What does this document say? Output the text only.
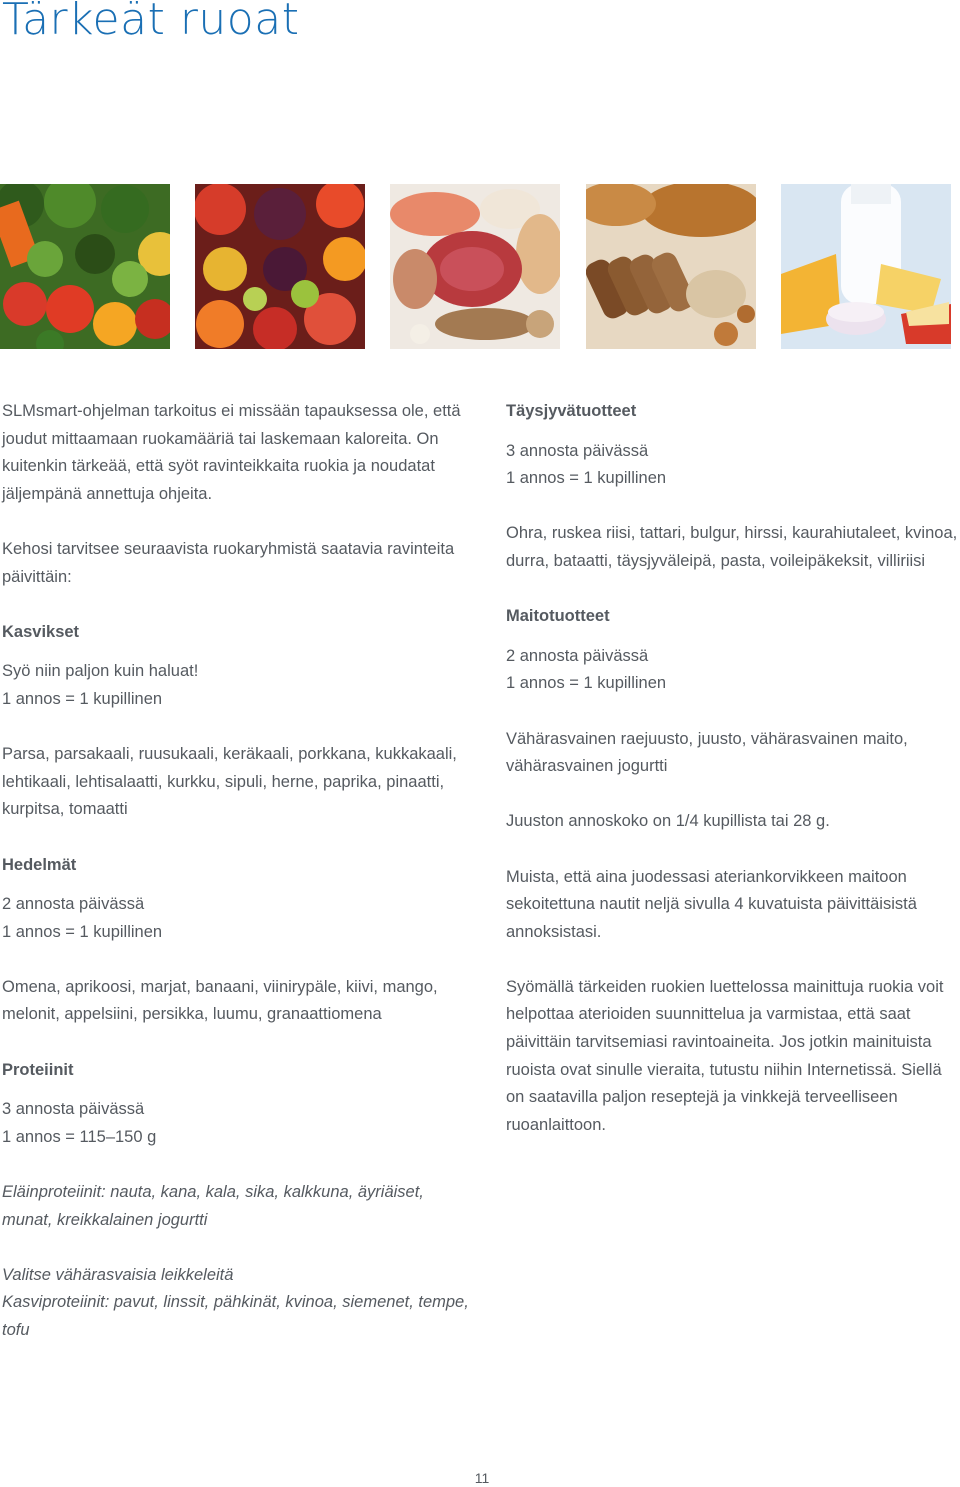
Tärkeät ruoat

SLMsmart-ohjelman tarkoitus ei missään tapauksessa ole, että joudut mittaamaan ruokamääriä tai laskemaan kaloreita. On kuitenkin tärkeää, että syöt ravinteikkaita ruokia ja noudatat jäljempänä annettuja ohjeita.

Kehosi tarvitsee seuraavista ruokaryhmistä saatavia ravinteita päivittäin:

Kasvikset

Syö niin paljon kuin haluat!
1 annos = 1 kupillinen

Parsa, parsakaali, ruusukaali, keräkaali, porkkana, kukkakaali, lehtikaali, lehtisalaatti, kurkku, sipuli, herne, paprika, pinaatti, kurpitsa, tomaatti

Hedelmät

2 annosta päivässä
1 annos = 1 kupillinen

Omena, aprikoosi, marjat, banaani, viinirypäle, kiivi, mango, melonit, appelsiini, persikka, luumu, granaattiomena

Proteiinit

3 annosta päivässä
1 annos = 115–150 g

Eläinproteiinit: nauta, kana, kala, sika, kalkkuna, äyriäiset, munat, kreikkalainen jogurtti

Valitse vähärasvaisia leikkeleitä
Kasviproteiinit: pavut, linssit, pähkinät, kvinoa, siemenet, tempe, tofu

Täysjyvätuotteet

3 annosta päivässä
1 annos = 1 kupillinen

Ohra, ruskea riisi, tattari, bulgur, hirssi, kaurahiutaleet, kvinoa, durra, bataatti, täysjyväleipä, pasta, voileipäkeksit, villiriisi

Maitotuotteet

2 annosta päivässä
1 annos = 1 kupillinen

Vähärasvainen raejuusto, juusto, vähärasvainen maito, vähärasvainen jogurtti

Juuston annoskoko on 1/4 kupillista tai 28 g.

Muista, että aina juodessasi ateriankorvikkeen maitoon sekoitettuna nautit neljä sivulla 4 kuvatuista päivittäisistä annoksistasi.

Syömällä tärkeiden ruokien luettelossa mainittuja ruokia voit helpottaa aterioiden suunnittelua ja varmistaa, että saat päivittäin tarvitsemiasi ravintoaineita. Jos jotkin mainituista ruoista ovat sinulle vieraita, tutustu niihin Internetissä. Siellä on saatavilla paljon reseptejä ja vinkkejä terveelliseen ruoanlaittoon.

11
